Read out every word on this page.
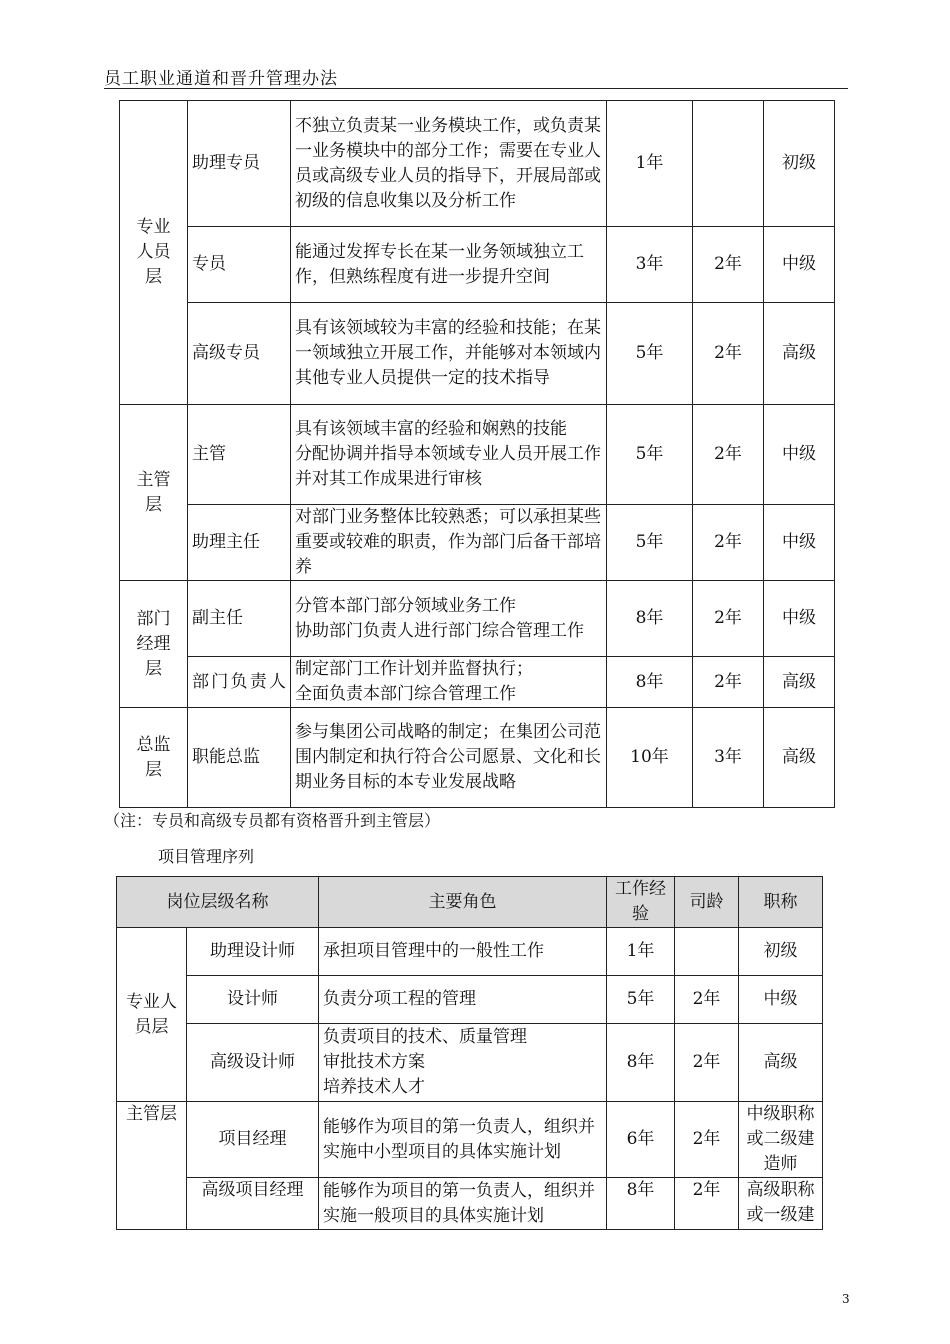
员工职业通道和晋升管理办法
专业
人员
层	助理专员	不独立负责某一业务模块工作，或负责某一业务模块中的部分工作；需要在专业人员或高级专业人员的指导下，开展局部或初级的信息收集以及分析工作	1年		初级
	专员	能通过发挥专长在某一业务领域独立工作，但熟练程度有进一步提升空间	3年	2年	中级
	高级专员	具有该领域较为丰富的经验和技能；在某一领域独立开展工作，并能够对本领域内其他专业人员提供一定的技术指导	5年	2年	高级
主管
层	主管	具有该领域丰富的经验和娴熟的技能
分配协调并指导本领域专业人员开展工作并对其工作成果进行审核	5年	2年	中级
	助理主任	对部门业务整体比较熟悉；可以承担某些重要或较难的职责，作为部门后备干部培养	5年	2年	中级
部门
经理
层	副主任	分管本部门部分领域业务工作
协助部门负责人进行部门综合管理工作	8年	2年	中级
	部门负责人	制定部门工作计划并监督执行；
全面负责本部门综合管理工作	8年	2年	高级
总监
层	职能总监	参与集团公司战略的制定；在集团公司范围内制定和执行符合公司愿景、文化和长期业务目标的本专业发展战略	10年	3年	高级
（注：专员和高级专员都有资格晋升到主管层）
项目管理序列
岗位层级名称		主要角色	工作经验	司龄	职称
专业人员层	助理设计师	承担项目管理中的一般性工作	1年		初级
	设计师	负责分项工程的管理	5年	2年	中级
	高级设计师	负责项目的技术、质量管理
审批技术方案
培养技术人才	8年	2年	高级
主管层	项目经理	能够作为项目的第一负责人，组织并实施中小型项目的具体实施计划	6年	2年	中级职称或二级建造师
	高级项目经理	能够作为项目的第一负责人，组织并实施一般项目的具体实施计划	8年	2年	高级职称或一级建
3
